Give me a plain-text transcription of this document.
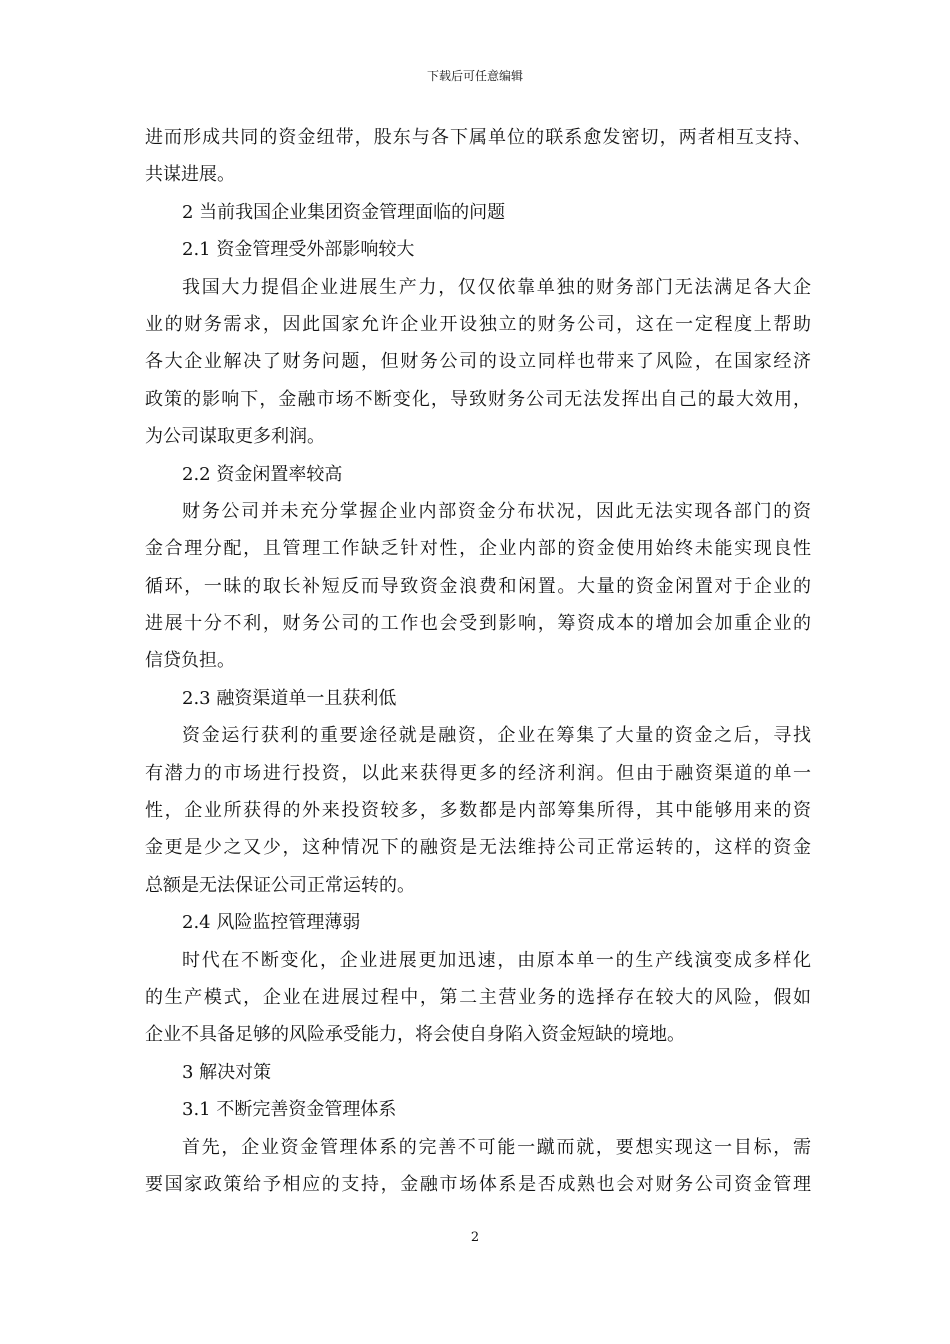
下载后可任意编辑
进而形成共同的资金纽带，股东与各下属单位的联系愈发密切，两者相互支持、
共谋进展。
2 当前我国企业集团资金管理面临的问题
2.1 资金管理受外部影响较大
我国大力提倡企业进展生产力，仅仅依靠单独的财务部门无法满足各大企
业的财务需求，因此国家允许企业开设独立的财务公司，这在一定程度上帮助
各大企业解决了财务问题，但财务公司的设立同样也带来了风险，在国家经济
政策的影响下，金融市场不断变化，导致财务公司无法发挥出自己的最大效用，
为公司谋取更多利润。
2.2 资金闲置率较高
财务公司并未充分掌握企业内部资金分布状况，因此无法实现各部门的资
金合理分配，且管理工作缺乏针对性，企业内部的资金使用始终未能实现良性
循环，一昧的取长补短反而导致资金浪费和闲置。大量的资金闲置对于企业的
进展十分不利，财务公司的工作也会受到影响，筹资成本的增加会加重企业的
信贷负担。
2.3 融资渠道单一且获利低
资金运行获利的重要途径就是融资，企业在筹集了大量的资金之后，寻找
有潜力的市场进行投资，以此来获得更多的经济利润。但由于融资渠道的单一
性，企业所获得的外来投资较多，多数都是内部筹集所得，其中能够用来的资
金更是少之又少，这种情况下的融资是无法维持公司正常运转的，这样的资金
总额是无法保证公司正常运转的。
2.4 风险监控管理薄弱
时代在不断变化，企业进展更加迅速，由原本单一的生产线演变成多样化
的生产模式，企业在进展过程中，第二主营业务的选择存在较大的风险，假如
企业不具备足够的风险承受能力，将会使自身陷入资金短缺的境地。
3 解决对策
3.1 不断完善资金管理体系
首先，企业资金管理体系的完善不可能一蹴而就，要想实现这一目标，需
要国家政策给予相应的支持，金融市场体系是否成熟也会对财务公司资金管理
2
